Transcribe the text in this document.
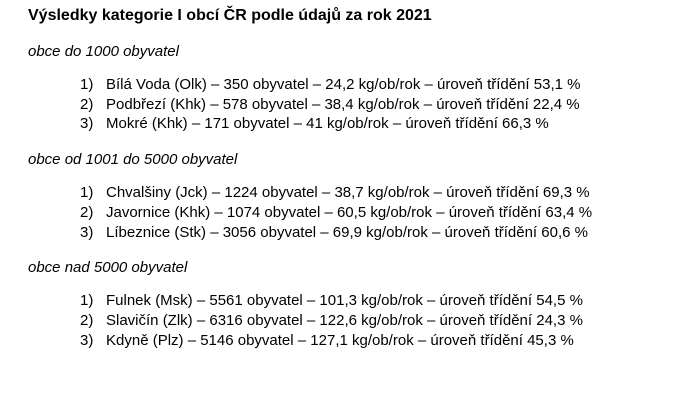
Výsledky kategorie I obcí ČR podle údajů za rok 2021

obce do 1000 obyvatel

1) Bílá Voda (Olk) – 350 obyvatel – 24,2 kg/ob/rok – úroveň třídění 53,1 %
2) Podbřezí (Khk) – 578 obyvatel – 38,4 kg/ob/rok – úroveň třídění 22,4 %
3) Mokré (Khk) – 171 obyvatel – 41 kg/ob/rok – úroveň třídění 66,3 %

obce od 1001 do 5000 obyvatel

1) Chvalšiny (Jck) – 1224 obyvatel – 38,7 kg/ob/rok – úroveň třídění 69,3 %
2) Javornice (Khk) – 1074 obyvatel – 60,5 kg/ob/rok – úroveň třídění 63,4 %
3) Líbeznice (Stk) – 3056 obyvatel – 69,9 kg/ob/rok – úroveň třídění 60,6 %

obce nad 5000 obyvatel

1) Fulnek (Msk) – 5561 obyvatel – 101,3 kg/ob/rok – úroveň třídění 54,5 %
2) Slavičín (Zlk) – 6316 obyvatel – 122,6 kg/ob/rok – úroveň třídění 24,3 %
3) Kdyně (Plz) – 5146 obyvatel – 127,1 kg/ob/rok – úroveň třídění 45,3 %
